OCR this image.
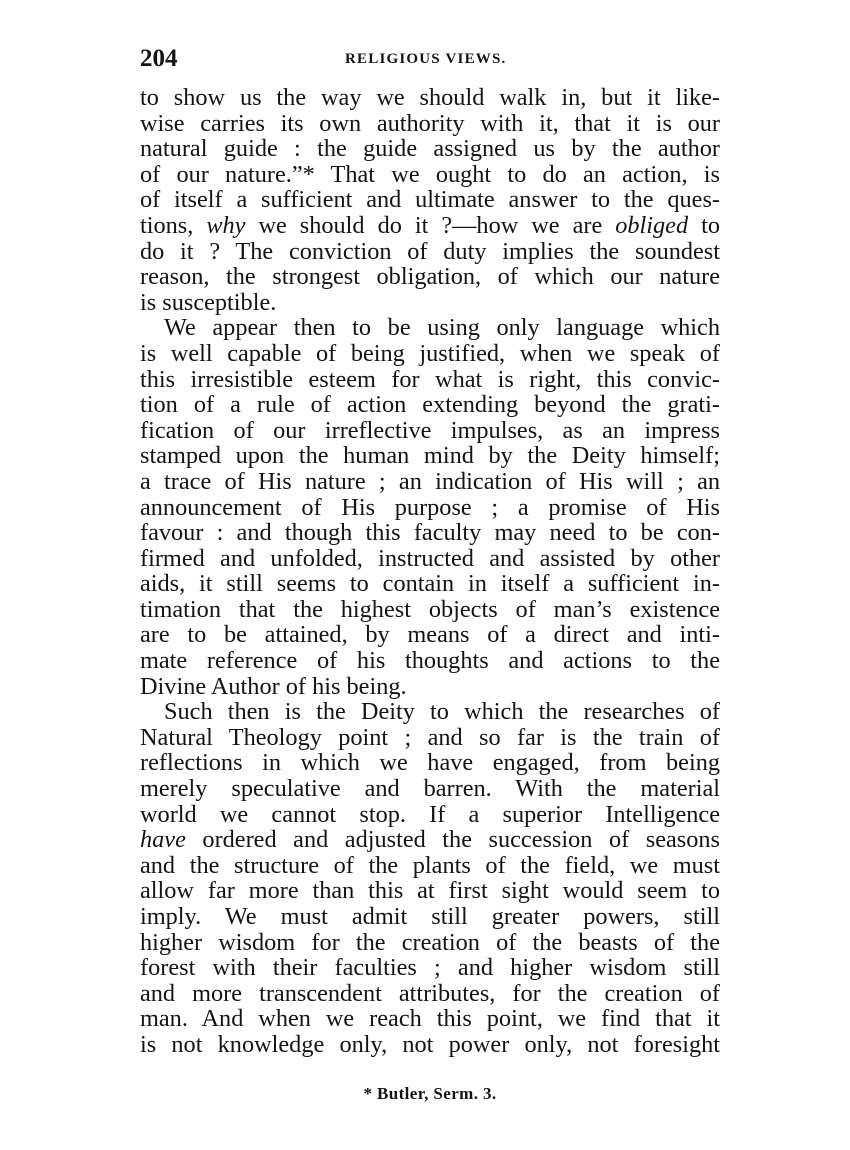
204	RELIGIOUS VIEWS.
to show us the way we should walk in, but it like-
wise carries its own authority with it, that it is our
natural guide : the guide assigned us by the author
of our nature.”* That we ought to do an action, is
of itself a sufficient and ultimate answer to the ques-
tions, why we should do it ?—how we are obliged to
do it ? The conviction of duty implies the soundest
reason, the strongest obligation, of which our nature
is susceptible.
We appear then to be using only language which
is well capable of being justified, when we speak of
this irresistible esteem for what is right, this convic-
tion of a rule of action extending beyond the grati-
fication of our irreflective impulses, as an impress
stamped upon the human mind by the Deity himself;
a trace of His nature ; an indication of His will ; an
announcement of His purpose ; a promise of His
favour : and though this faculty may need to be con-
firmed and unfolded, instructed and assisted by other
aids, it still seems to contain in itself a sufficient in-
timation that the highest objects of man’s existence
are to be attained, by means of a direct and inti-
mate reference of his thoughts and actions to the
Divine Author of his being.
Such then is the Deity to which the researches of
Natural Theology point ; and so far is the train of
reflections in which we have engaged, from being
merely speculative and barren. With the material
world we cannot stop. If a superior Intelligence
have ordered and adjusted the succession of seasons
and the structure of the plants of the field, we must
allow far more than this at first sight would seem to
imply. We must admit still greater powers, still
higher wisdom for the creation of the beasts of the
forest with their faculties ; and higher wisdom still
and more transcendent attributes, for the creation of
man. And when we reach this point, we find that it
is not knowledge only, not power only, not foresight
* Butler, Serm. 3.
